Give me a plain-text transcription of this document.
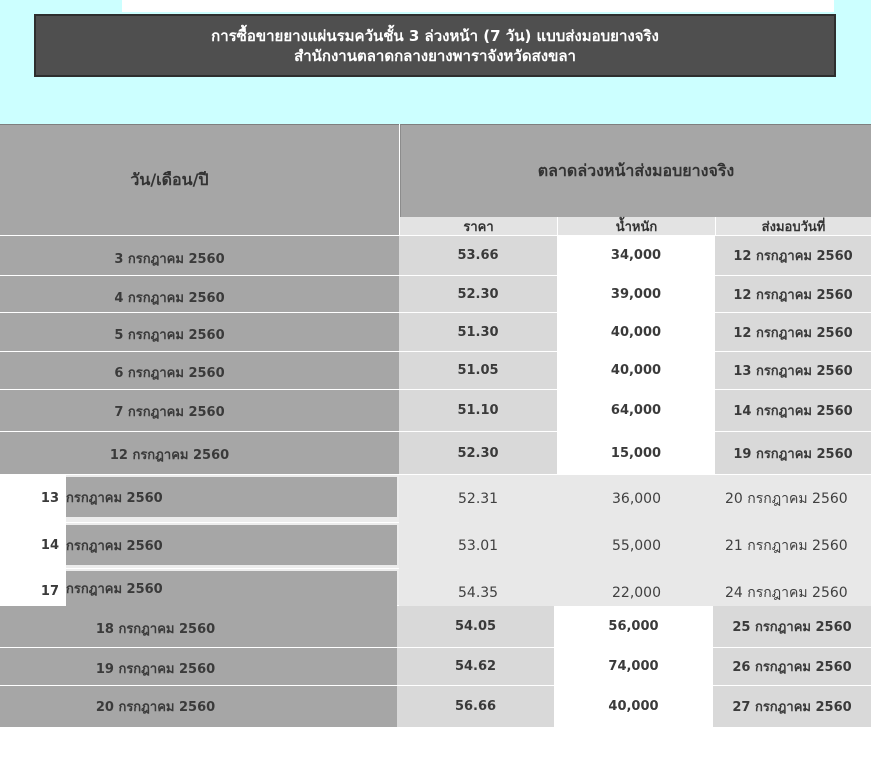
การซื้อขายยางแผ่นรมควันชั้น 3 ล่วงหน้า (7 วัน) แบบส่งมอบยางจริง
สำนักงานตลาดกลางยางพาราจังหวัดสงขลา
วัน/เดือน/ปี	ตลาดล่วงหน้าส่งมอบยางจริง
ราคา	น้ำหนัก	ส่งมอบวันที่
3 กรกฎาคม 2560	53.66	34,000	12 กรกฎาคม 2560
4 กรกฎาคม 2560	52.30	39,000	12 กรกฎาคม 2560
5 กรกฎาคม 2560	51.30	40,000	12 กรกฎาคม 2560
6 กรกฎาคม 2560	51.05	40,000	13 กรกฎาคม 2560
7 กรกฎาคม 2560	51.10	64,000	14 กรกฎาคม 2560
12 กรกฎาคม 2560	52.30	15,000	19 กรกฎาคม 2560
13 กรกฎาคม 2560	52.31	36,000	20 กรกฎาคม 2560
14 กรกฎาคม 2560	53.01	55,000	21 กรกฎาคม 2560
17 กรกฎาคม 2560	54.35	22,000	24 กรกฎาคม 2560
18 กรกฎาคม 2560	54.05	56,000	25 กรกฎาคม 2560
19 กรกฎาคม 2560	54.62	74,000	26 กรกฎาคม 2560
20 กรกฎาคม 2560	56.66	40,000	27 กรกฎาคม 2560
